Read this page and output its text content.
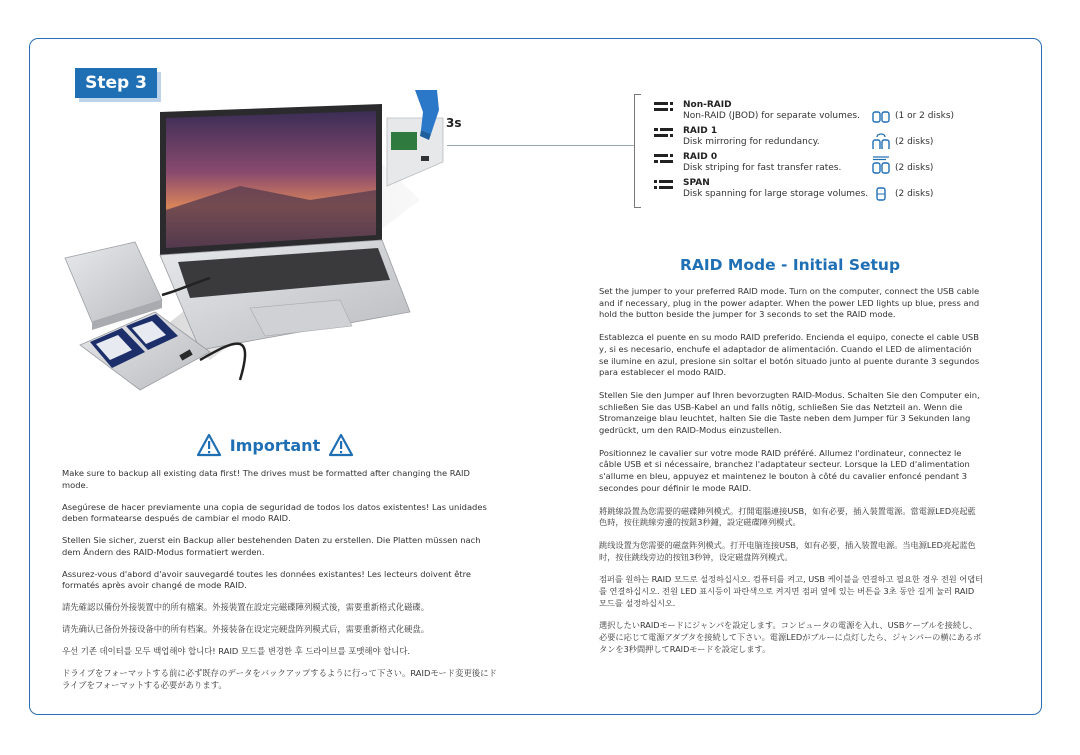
Step 3
3s
Non-RAID
Non-RAID (JBOD) for separate volumes.	(1 or 2 disks)
RAID 1
Disk mirroring for redundancy.	(2 disks)
RAID 0
Disk striping for fast transfer rates.	(2 disks)
SPAN
Disk spanning for large storage volumes.	(2 disks)
RAID Mode - Initial Setup

Set the jumper to your preferred RAID mode. Turn on the computer, connect the USB cable and if necessary, plug in the power adapter. When the power LED lights up blue, press and hold the button beside the jumper for 3 seconds to set the RAID mode.

Establezca el puente en su modo RAID preferido. Encienda el equipo, conecte el cable USB y, si es necesario, enchufe el adaptador de alimentación. Cuando el LED de alimentación se ilumine en azul, presione sin soltar el botón situado junto al puente durante 3 segundos para establecer el modo RAID.

Stellen Sie den Jumper auf Ihren bevorzugten RAID-Modus. Schalten Sie den Computer ein, schließen Sie das USB-Kabel an und falls nötig, schließen Sie das Netzteil an. Wenn die Stromanzeige blau leuchtet, halten Sie die Taste neben dem Jumper für 3 Sekunden lang gedrückt, um den RAID-Modus einzustellen.

Positionnez le cavalier sur votre mode RAID préféré. Allumez l'ordinateur, connectez le câble USB et si nécessaire, branchez l'adaptateur secteur. Lorsque la LED d'alimentation s'allume en bleu, appuyez et maintenez le bouton à côté du cavalier enfoncé pendant 3 secondes pour définir le mode RAID.

將跳線設置為您需要的磁碟陣列模式。打開電腦連接USB，如有必要，插入裝置電源。當電源LED亮起藍色時，按住跳線旁邊的按鈕3秒鐘，設定磁碟陣列模式。

跳线设置为您需要的磁盘阵列模式。打开电脑连接USB，如有必要，插入装置电源。当电源LED亮起蓝色时，按住跳线旁边的按钮3秒钟，设定磁盘阵列模式。

점퍼를 원하는 RAID 모드로 설정하십시오. 컴퓨터를 켜고, USB 케이블을 연결하고 필요한 경우 전원 어댑터를 연결하십시오. 전원 LED 표시등이 파란색으로 켜지면 점퍼 옆에 있는 버튼을 3초 동안 길게 눌러 RAID 모드를 설정하십시오.

選択したいRAIDモードにジャンパを設定します。コンピュータの電源を入れ、USBケーブルを接続し、必要に応じて電源アダプタを接続して下さい。電源LEDがブルーに点灯したら、ジャンパーの横にあるボタンを3秒間押してRAIDモードを設定します。

Important

Make sure to backup all existing data first! The drives must be formatted after changing the RAID mode.

Asegúrese de hacer previamente una copia de seguridad de todos los datos existentes! Las unidades deben formatearse después de cambiar el modo RAID.

Stellen Sie sicher, zuerst ein Backup aller bestehenden Daten zu erstellen. Die Platten müssen nach dem Ändern des RAID-Modus formatiert werden.

Assurez-vous d'abord d'avoir sauvegardé toutes les données existantes! Les lecteurs doivent être formatés après avoir changé de mode RAID.

請先確認以備份外接裝置中的所有檔案。外接裝置在設定完磁碟陣列模式後，需要重新格式化磁碟。

请先确认已备份外接设备中的所有档案。外接装备在设定完硬盘阵列模式后，需要重新格式化硬盘。

우선 기존 데이터를 모두 백업해야 합니다! RAID 모드를 변경한 후 드라이브를 포맷해야 합니다.

ドライブをフォーマットする前に必ず既存のデータをバックアップするように行って下さい。RAIDモード変更後にドライブをフォーマットする必要があります。
